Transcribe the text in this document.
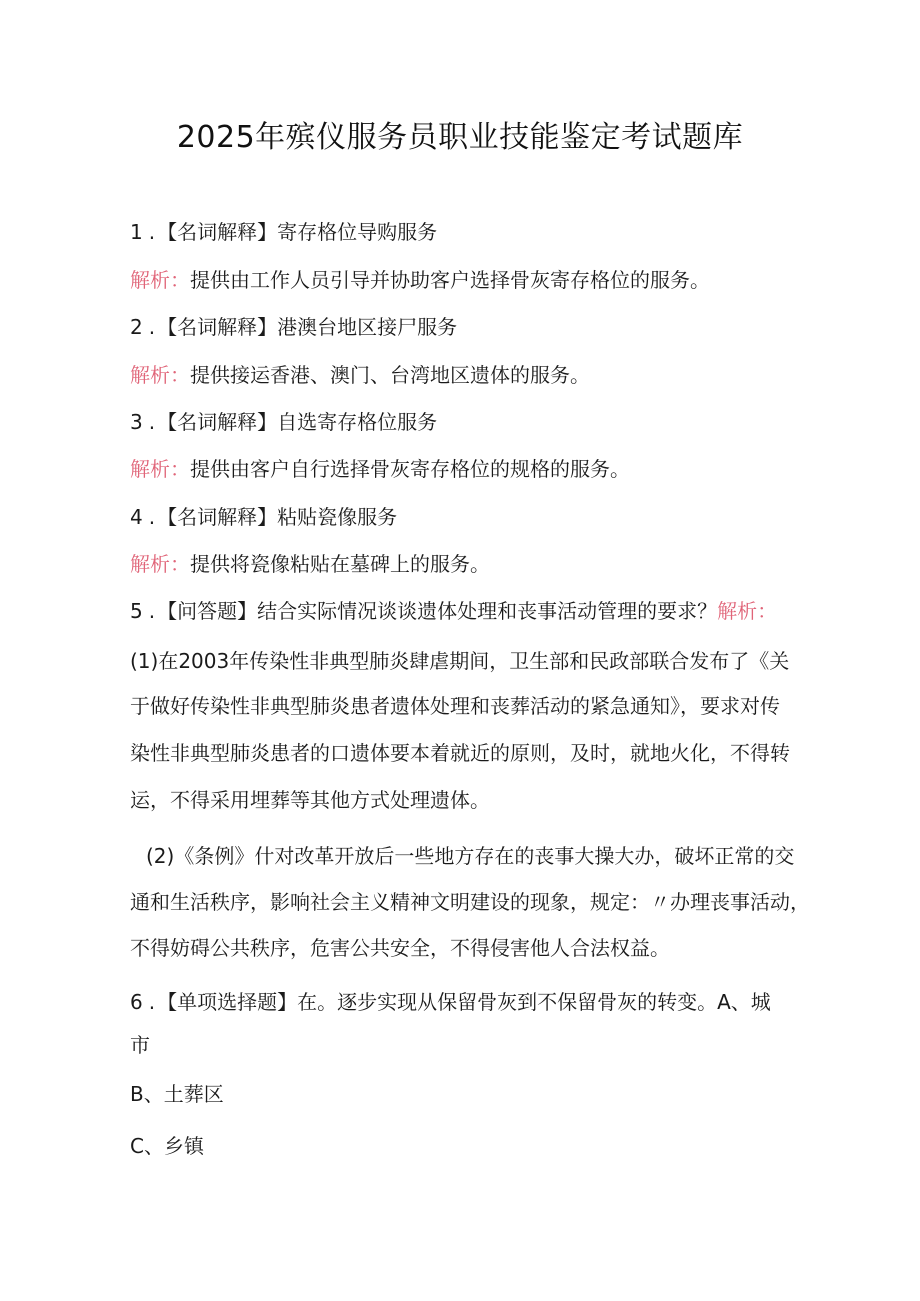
2025年殡仪服务员职业技能鉴定考试题库
1 . 【名词解释】寄存格位导购服务
解析：提供由工作人员引导并协助客户选择骨灰寄存格位的服务。
2 . 【名词解释】港澳台地区接尸服务
解析：提供接运香港、澳门、台湾地区遗体的服务。
3 . 【名词解释】自选寄存格位服务
解析：提供由客户自行选择骨灰寄存格位的规格的服务。
4 . 【名词解释】粘贴瓷像服务
解析：提供将瓷像粘贴在墓碑上的服务。
5 . 【问答题】结合实际情况谈谈遗体处理和丧事活动管理的要求？解析：
(1)在2003年传染性非典型肺炎肆虐期间，卫生部和民政部联合发布了《关
于做好传染性非典型肺炎患者遗体处理和丧葬活动的紧急通知》，要求对传
染性非典型肺炎患者的口遗体要本着就近的原则，及时，就地火化，不得转
运，不得采用埋葬等其他方式处理遗体。
(2)《条例》什对改革开放后一些地方存在的丧事大操大办，破坏正常的交
通和生活秩序，影响社会主义精神文明建设的现象，规定：〃办理丧事活动，
不得妨碍公共秩序，危害公共安全，不得侵害他人合法权益。
6 . 【单项选择题】在。逐步实现从保留骨灰到不保留骨灰的转变。A、城
市
B、土葬区
C、乡镇
